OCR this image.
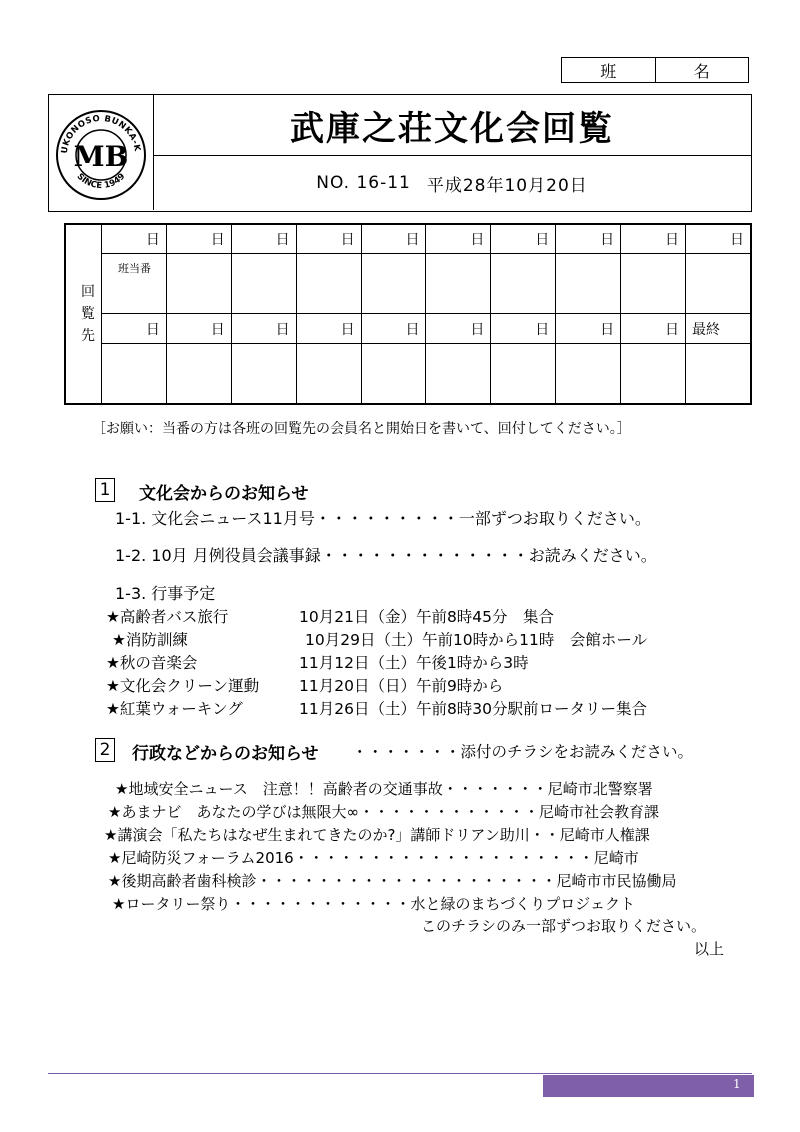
班	名
UKONOSO BUNKA-K
SINCE 1949
MB
武庫之荘文化会回覧
NO. 16-11 平成28年10月20日
回
覧
先	日	日	日	日	日	日	日	日	日	日

	班当番									

	日	日	日	日	日	日	日	日	日	最終

［お願い：当番の方は各班の回覧先の会員名と開始日を書いて、回付してください。］
1 文化会からのお知らせ
1-1. 文化会ニュース11月号・・・・・・・・・一部ずつお取りください。
1-2. 10月 月例役員会議事録・・・・・・・・・・・・・お読みください。
1-3. 行事予定
★高齢者バス旅行	10月21日（金）午前8時45分　集合
★消防訓練	10月29日（土）午前10時から11時　会館ホール
★秋の音楽会	11月12日（土）午後1時から3時
★文化会クリーン運動	11月20日（日）午前9時から
★紅葉ウォーキング	11月26日（土）午前8時30分駅前ロータリー集合
2 行政などからのお知らせ ・・・・・・・添付のチラシをお読みください。
★地域安全ニュース　注意！！高齢者の交通事故・・・・・・・尼崎市北警察署
★あまナビ　あなたの学びは無限大∞・・・・・・・・・・・・尼崎市社会教育課
★講演会「私たちはなぜ生まれてきたのか?」講師ドリアン助川・・尼崎市人権課
★尼崎防災フォーラム2016・・・・・・・・・・・・・・・・・・・・尼崎市
★後期高齢者歯科検診・・・・・・・・・・・・・・・・・・・・尼崎市市民協働局
★ロータリー祭り・・・・・・・・・・・・水と緑のまちづくりプロジェクト
このチラシのみ一部ずつお取りください。
以上
1
